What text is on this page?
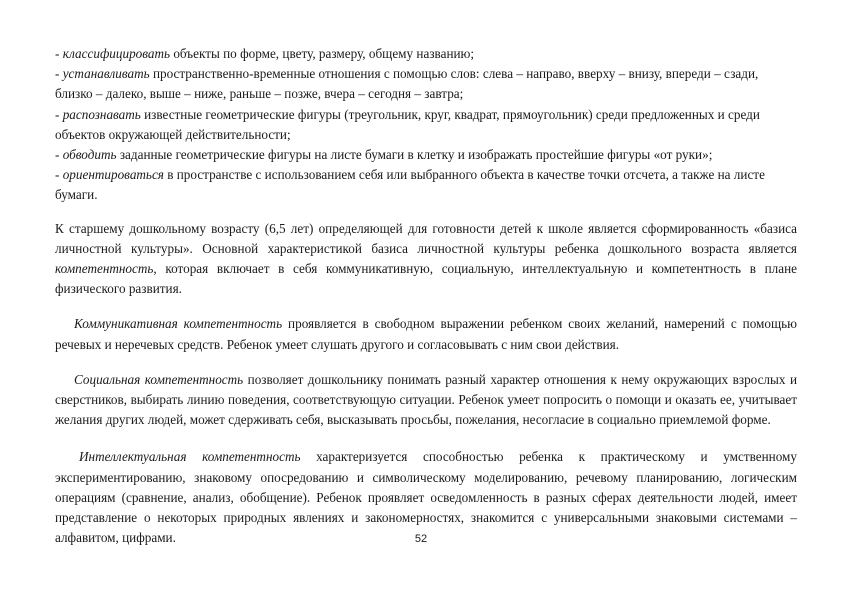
- классифицировать объекты по форме, цвету, размеру, общему названию;

- устанавливать пространственно-временные отношения с помощью слов: слева – направо, вверху – внизу, впереди – сзади, близко – далеко, выше – ниже, раньше – позже, вчера – сегодня – завтра;

- распознавать известные геометрические фигуры (треугольник, круг, квадрат, прямоугольник) среди предложенных и среди объектов окружающей действительности;

- обводить заданные геометрические фигуры на листе бумаги в клетку и изображать простейшие фигуры «от руки»;

- ориентироваться в пространстве с использованием себя или выбранного объекта в качестве точки отсчета, а также на листе бумаги.

К старшему дошкольному возрасту (6,5 лет) определяющей для готовности детей к школе является сформированность «базиса личностной культуры». Основной характеристикой базиса личностной культуры ребенка дошкольного возраста является компетентность, которая включает в себя коммуникативную, социальную, интеллектуальную и компетентность в плане физического развития.

Коммуникативная компетентность проявляется в свободном выражении ребенком своих желаний, намерений с помощью речевых и неречевых средств. Ребенок умеет слушать другого и согласовывать с ним свои действия.

Социальная компетентность позволяет дошкольнику понимать разный характер отношения к нему окружающих взрослых и сверстников, выбирать линию поведения, соответствующую ситуации. Ребенок умеет попросить о помощи и оказать ее, учитывает желания других людей, может сдерживать себя, высказывать просьбы, пожелания, несогласие в социально приемлемой форме.

Интеллектуальная компетентность характеризуется способностью ребенка к практическому и умственному экспериментированию, знаковому опосредованию и символическому моделированию, речевому планированию, логическим операциям (сравнение, анализ, обобщение). Ребенок проявляет осведомленность в разных сферах деятельности людей, имеет представление о некоторых природных явлениях и закономерностях, знакомится с универсальными знаковыми системами – алфавитом, цифрами.	52
